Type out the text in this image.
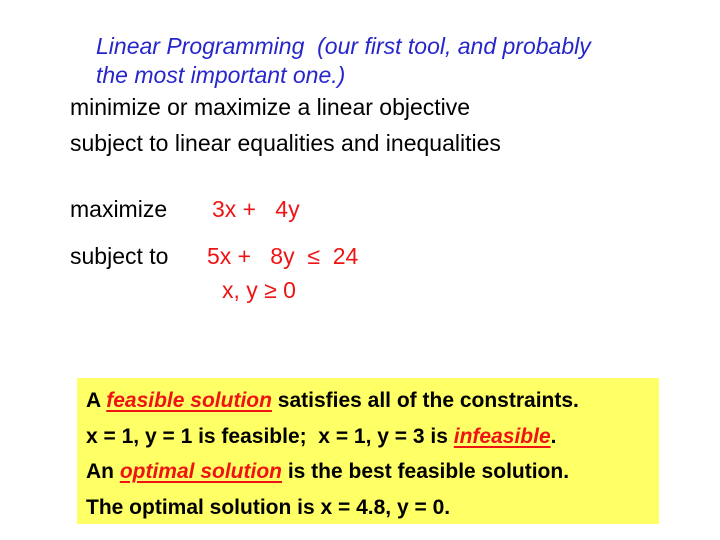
Linear Programming  (our first tool, and probably
the most important one.)
minimize or maximize a linear objective
subject to linear equalities and inequalities
maximize 3x +   4y
subject to 5x +   8y  ≤  24
x, y ≥ 0
A feasible solution satisfies all of the constraints.
x = 1, y = 1 is feasible;  x = 1, y = 3 is infeasible.
An optimal solution is the best feasible solution.
The optimal solution is x = 4.8, y = 0.
